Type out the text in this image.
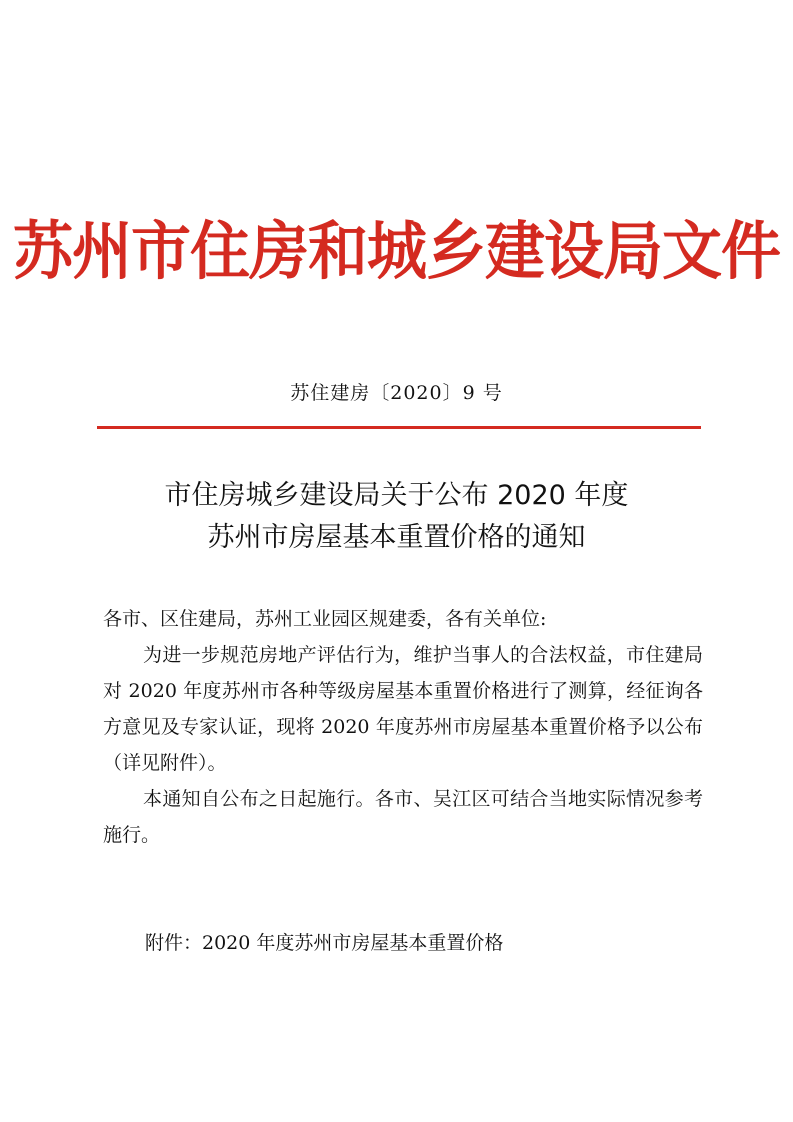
苏州市住房和城乡建设局文件
苏住建房〔2020〕9 号
市住房城乡建设局关于公布 2020 年度
苏州市房屋基本重置价格的通知

各市、区住建局，苏州工业园区规建委，各有关单位:

为进一步规范房地产评估行为，维护当事人的合法权益，市住建局对 2020 年度苏州市各种等级房屋基本重置价格进行了测算，经征询各方意见及专家认证，现将 2020 年度苏州市房屋基本重置价格予以公布（详见附件）。

本通知自公布之日起施行。各市、吴江区可结合当地实际情况参考施行。

附件：2020 年度苏州市房屋基本重置价格
